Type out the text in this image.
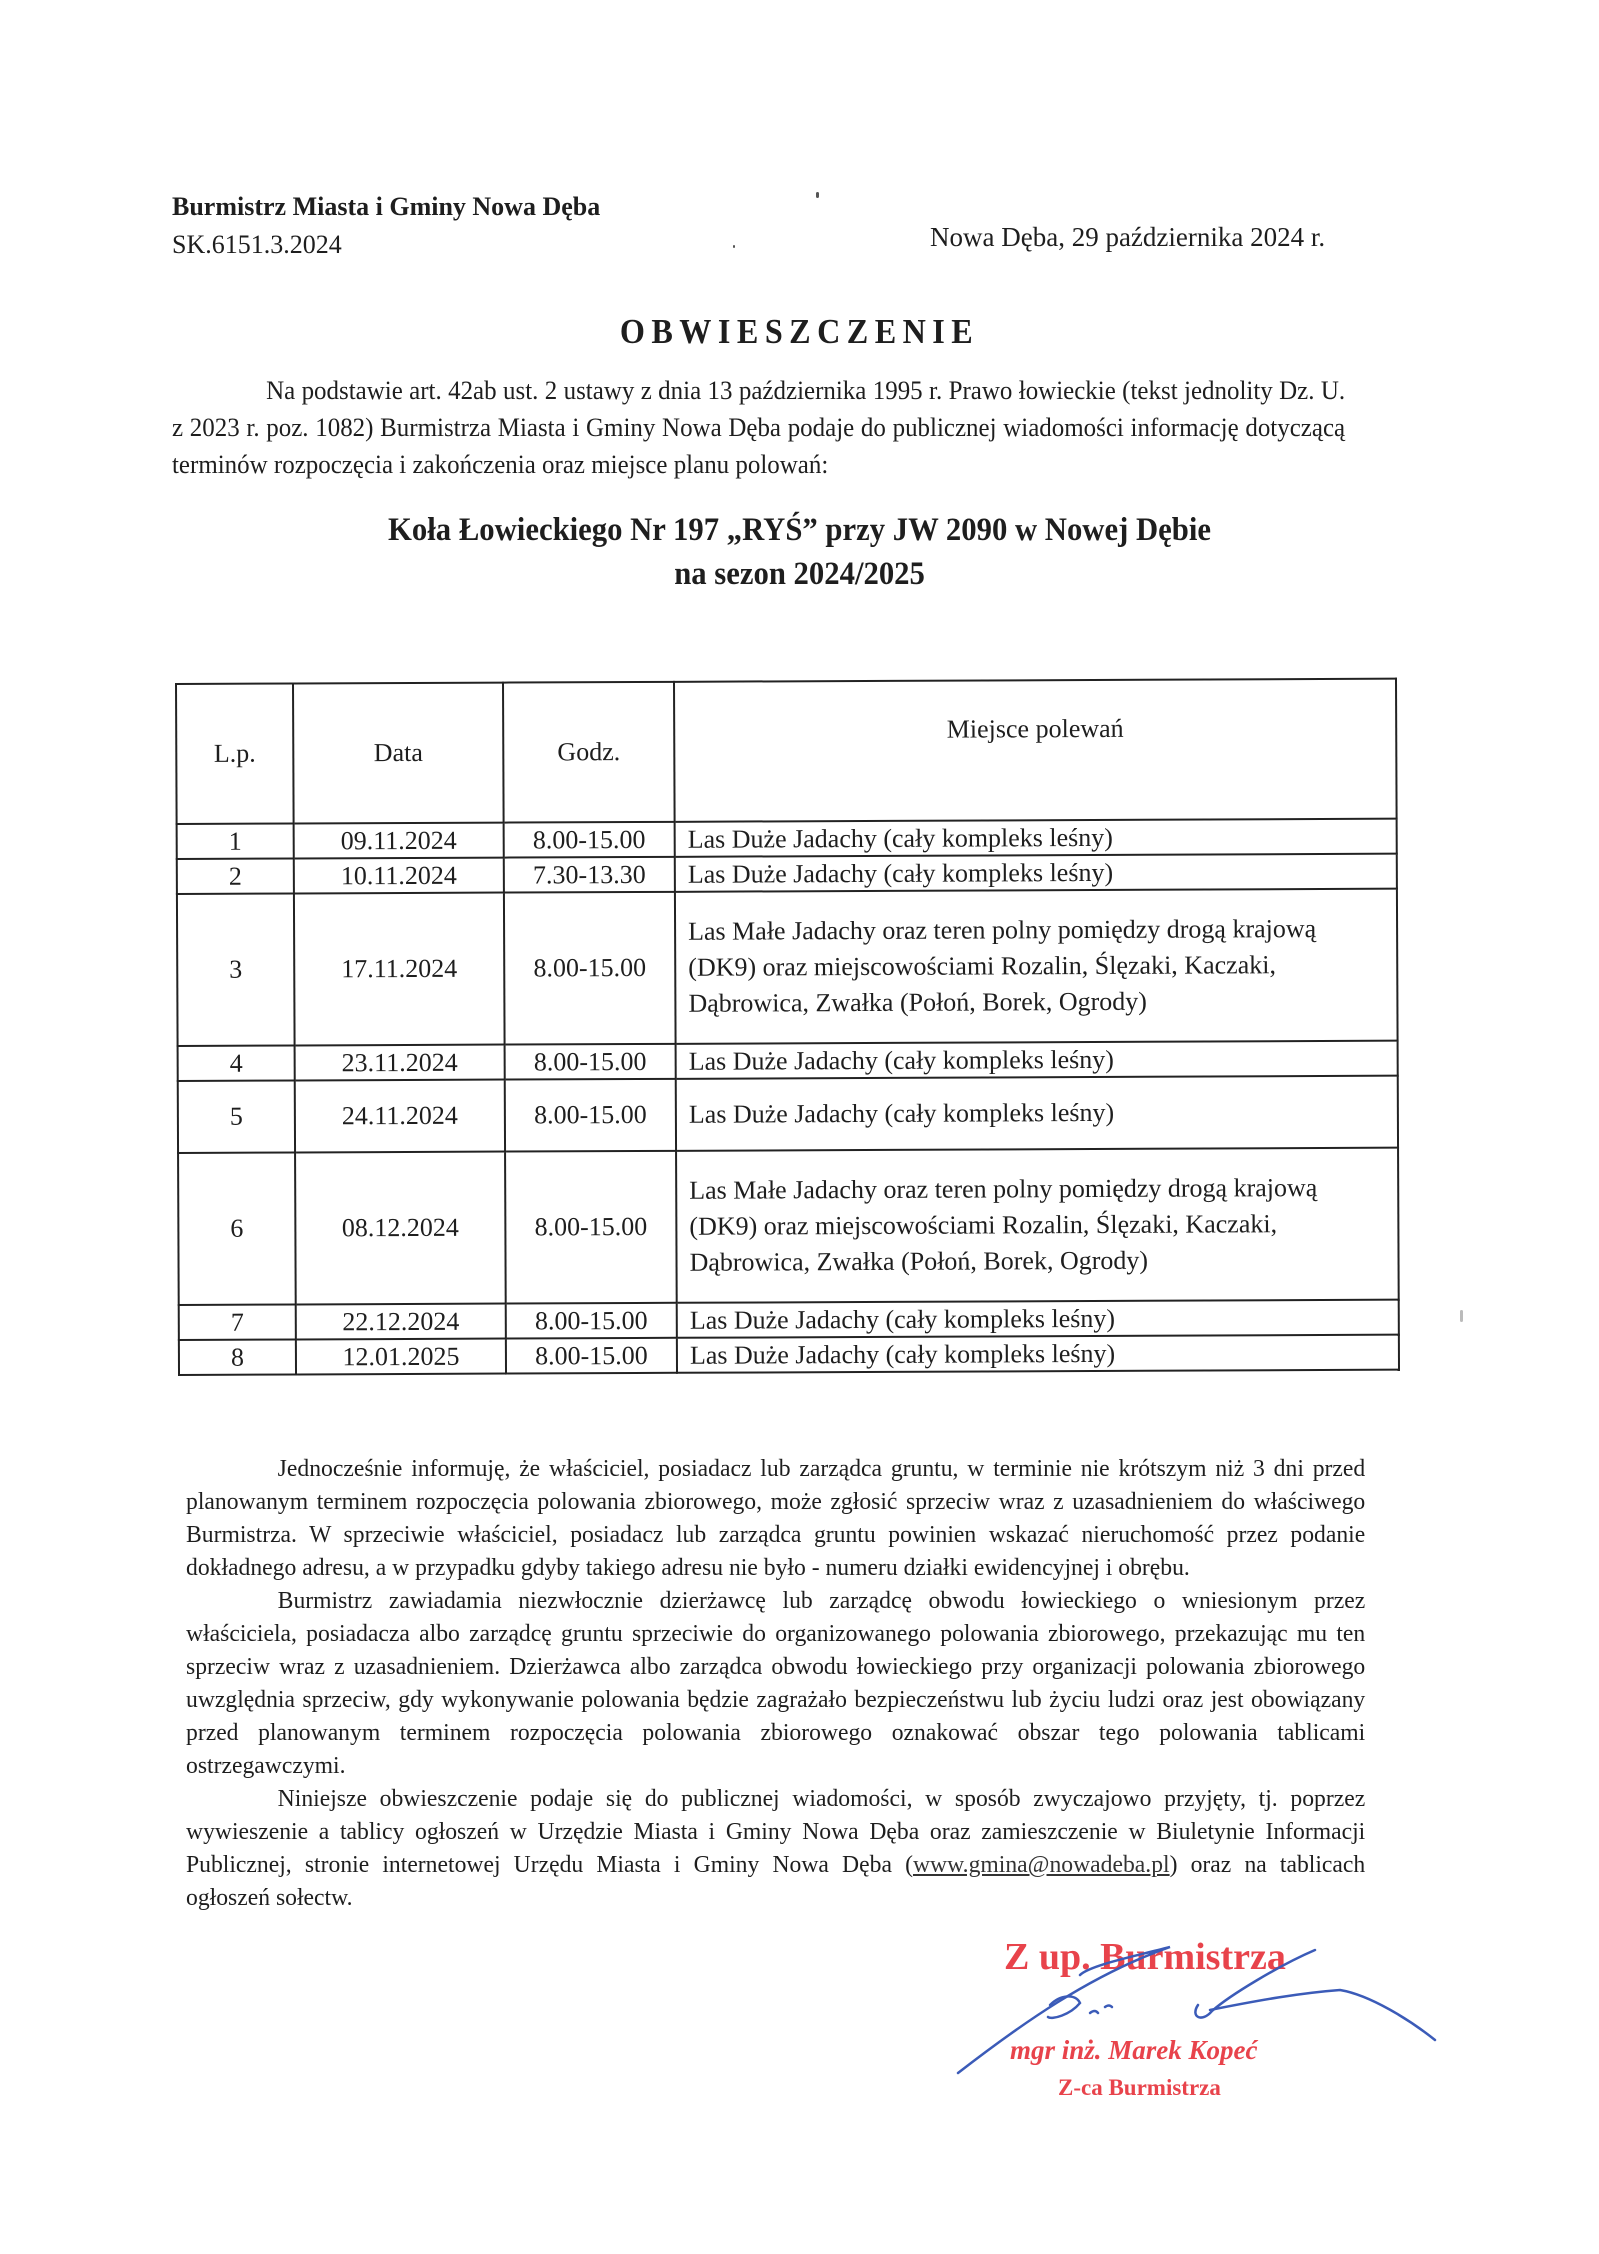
Burmistrz Miasta i Gminy Nowa Dęba
SK.6151.3.2024	Nowa Dęba, 29 października 2024 r.
OBWIESZCZENIE
Na podstawie art. 42ab ust. 2 ustawy z dnia 13 października 1995 r. Prawo łowieckie (tekst jednolity Dz. U. z 2023 r. poz. 1082) Burmistrza Miasta i Gminy Nowa Dęba podaje do publicznej wiadomości informację dotyczącą terminów rozpoczęcia i zakończenia oraz miejsce planu polowań:
Koła Łowieckiego Nr 197 „RYŚ” przy JW 2090 w Nowej Dębie
na sezon 2024/2025
L.p.	Data	Godz.	Miejsce polewań
1	09.11.2024	8.00-15.00	Las Duże Jadachy (cały kompleks leśny)
2	10.11.2024	7.30-13.30	Las Duże Jadachy (cały kompleks leśny)
3	17.11.2024	8.00-15.00	Las Małe Jadachy oraz teren polny pomiędzy drogą krajową (DK9) oraz miejscowościami Rozalin, Ślęzaki, Kaczaki, Dąbrowica, Zwałka (Połoń, Borek, Ogrody)
4	23.11.2024	8.00-15.00	Las Duże Jadachy (cały kompleks leśny)
5	24.11.2024	8.00-15.00	Las Duże Jadachy (cały kompleks leśny)
6	08.12.2024	8.00-15.00	Las Małe Jadachy oraz teren polny pomiędzy drogą krajową (DK9) oraz miejscowościami Rozalin, Ślęzaki, Kaczaki, Dąbrowica, Zwałka (Połoń, Borek, Ogrody)
7	22.12.2024	8.00-15.00	Las Duże Jadachy (cały kompleks leśny)
8	12.01.2025	8.00-15.00	Las Duże Jadachy (cały kompleks leśny)

Jednocześnie informuję, że właściciel, posiadacz lub zarządca gruntu, w terminie nie krótszym niż 3 dni przed planowanym terminem rozpoczęcia polowania zbiorowego, może zgłosić sprzeciw wraz z uzasadnieniem do właściwego Burmistrza. W sprzeciwie właściciel, posiadacz lub zarządca gruntu powinien wskazać nieruchomość przez podanie dokładnego adresu, a w przypadku gdyby takiego adresu nie było - numeru działki ewidencyjnej i obrębu.

Burmistrz zawiadamia niezwłocznie dzierżawcę lub zarządcę obwodu łowieckiego o wniesionym przez właściciela, posiadacza albo zarządcę gruntu sprzeciwie do organizowanego polowania zbiorowego, przekazując mu ten sprzeciw wraz z uzasadnieniem. Dzierżawca albo zarządca obwodu łowieckiego przy organizacji polowania zbiorowego uwzględnia sprzeciw, gdy wykonywanie polowania będzie zagrażało bezpieczeństwu lub życiu ludzi oraz jest obowiązany przed planowanym terminem rozpoczęcia polowania zbiorowego oznakować obszar tego polowania tablicami ostrzegawczymi.

Niniejsze obwieszczenie podaje się do publicznej wiadomości, w sposób zwyczajowo przyjęty, tj. poprzez wywieszenie a tablicy ogłoszeń w Urzędzie Miasta i Gminy Nowa Dęba oraz zamieszczenie w Biuletynie Informacji Publicznej, stronie internetowej Urzędu Miasta i Gminy Nowa Dęba (www.gmina@nowadeba.pl) oraz na tablicach ogłoszeń sołectw.

Z up. Burmistrza
mgr inż. Marek Kopeć
Z-ca Burmistrza
